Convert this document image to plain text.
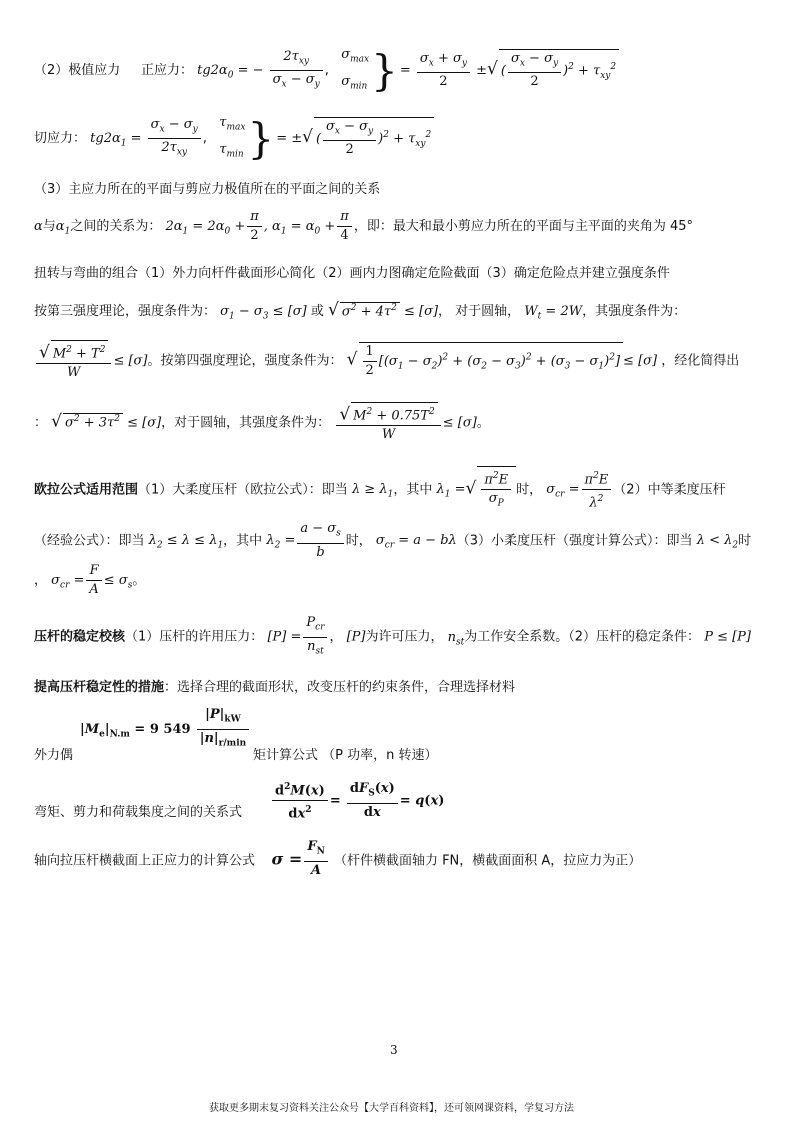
（2）极值应力 正应力： $tg2\alpha_0$ = − $\frac{2\tau_{xy}}{\sigma_x - \sigma_y}$ ,   $\sigma_{max}$
$\sigma_{min}\} = \frac{\sigma_x + \sigma_y}{2}$ ±√ ( $\frac{\sigma_x - \sigma_y}{2} )^2 + \tau_{xy}^2$
切应力： $tg2\alpha_1 = \frac{\sigma_x - \sigma_y}{2\tau_{xy}}$ ,   $\tau_{max}$
$\tau_{min}$} = ±√ ( $\frac{\sigma_x - \sigma_y}{2} )^2 + \tau_{xy}^2$
（3）主应力所在的平面与剪应力极值所在的平面之间的关系
α与$\alpha_1$之间的关系为： $2\alpha_1 = 2\alpha_0 + \frac{\pi}{2}$ , $\alpha_1 = \alpha_0 + \frac{\pi}{4}$ ，即：最大和最小剪应力所在的平面与主平面的夹角为 45°
扭转与弯曲的组合（1）外力向杆件截面形心简化（2）画内力图确定危险截面（3）确定危险点并建立强度条件
按第三强度理论，强度条件为： $\sigma_1 - \sigma_3 \le [\sigma]$ 或 √ $\sigma^2 + 4\tau^2 \le [\sigma]$， 对于圆轴， $W_t = 2W$，其强度条件为：
$\frac{√ M^2 + T^2}{W} \le [\sigma]$。按第四强度理论，强度条件为： √ $\frac{1}{2} [(\sigma_1 - \sigma_2)^2 + (\sigma_2 - \sigma_3)^2 + (\sigma_3 - \sigma_1)^2] \le [\sigma]$ ，经化简得出
： √ $\sigma^2 + 3\tau^2 \le [\sigma]$，对于圆轴，其强度条件为： $\frac{√ M^2 + 0.75T^2}{W} \le [\sigma]$。
欧拉公式适用范围（1）大柔度压杆（欧拉公式）：即当 $\lambda \ge \lambda_1$，其中 $\lambda_1$ =√ $\frac{\pi^2E}{\sigma_P}$ 时， $\sigma_{cr} = \frac{\pi^2E}{\lambda^2} (2)$中等柔度压杆
（经验公式）：即当 $\lambda_2 \le \lambda \le \lambda_1$，其中 $\lambda_2 = \frac{a - \sigma_s}{b}$ 时， $\sigma_{cr} = a - b\lambda(3)$小柔度压杆（强度计算公式）：即当 $\lambda < \lambda_2$时
， $\sigma_{cr} = \frac{F}{A} \le \sigma_s$。
压杆的稳定校核（1）压杆的许用压力： $[P] = \frac{P_{cr}}{n_{st}}$ ， [P]为许可压力， $n_{st}$为工作安全系数。（2）压杆的稳定条件： P ≤ [P]
提高压杆稳定性的措施：选择合理的截面形状，改变压杆的约束条件，合理选择材料
$|M_e|_{N.m} = 9$ $549 \frac{|P|_{kW}}{|n|_{r/min}}$
外力偶	矩计算公式 （P 功率，n 转速）
$\frac{d^2M(x)}{dx^2} = \frac{dF_S(x)}{dx} = q(x)$
弯矩、剪力和荷载集度之间的关系式
轴向拉压杆横截面上正应力的计算公式 $\sigma = \frac{F_N}{A}$ （杆件横截面轴力 FN，横截面面积 A，拉应力为正）
3
获取更多期末复习资料关注公众号【大学百科资料】，还可领网课资料，学复习方法
